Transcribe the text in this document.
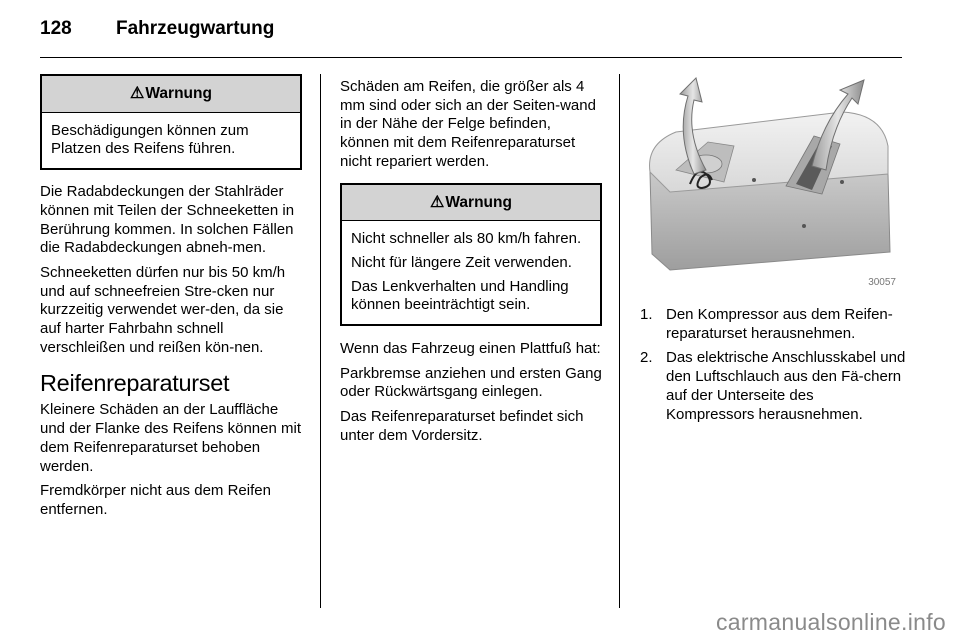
128 Fahrzeugwartung
⚠Warnung

Beschädigungen können zum Platzen des Reifens führen.

Die Radabdeckungen der Stahlräder können mit Teilen der Schneeketten in Berührung kommen. In solchen Fällen die Radabdeckungen abneh-men.

Schneeketten dürfen nur bis 50 km/h und auf schneefreien Stre-cken nur kurzzeitig verwendet wer-den, da sie auf harter Fahrbahn schnell verschleißen und reißen kön-nen.

Reifenreparaturset

Kleinere Schäden an der Lauffläche und der Flanke des Reifens können mit dem Reifenreparaturset behoben werden.

Fremdkörper nicht aus dem Reifen entfernen.

Schäden am Reifen, die größer als 4 mm sind oder sich an der Seiten-wand in der Nähe der Felge befinden, können mit dem Reifenreparaturset nicht repariert werden.

⚠Warnung

Nicht schneller als 80 km/h fahren.

Nicht für längere Zeit verwenden.

Das Lenkverhalten und Handling können beeinträchtigt sein.

Wenn das Fahrzeug einen Plattfuß hat:

Parkbremse anziehen und ersten Gang oder Rückwärtsgang einlegen.

Das Reifenreparaturset befindet sich unter dem Vordersitz.

30057
1. Den Kompressor aus dem Reifen-reparaturset herausnehmen.
2. Das elektrische Anschlusskabel und den Luftschlauch aus den Fä-chern auf der Unterseite des Kompressors herausnehmen.
carmanualsonline.info
